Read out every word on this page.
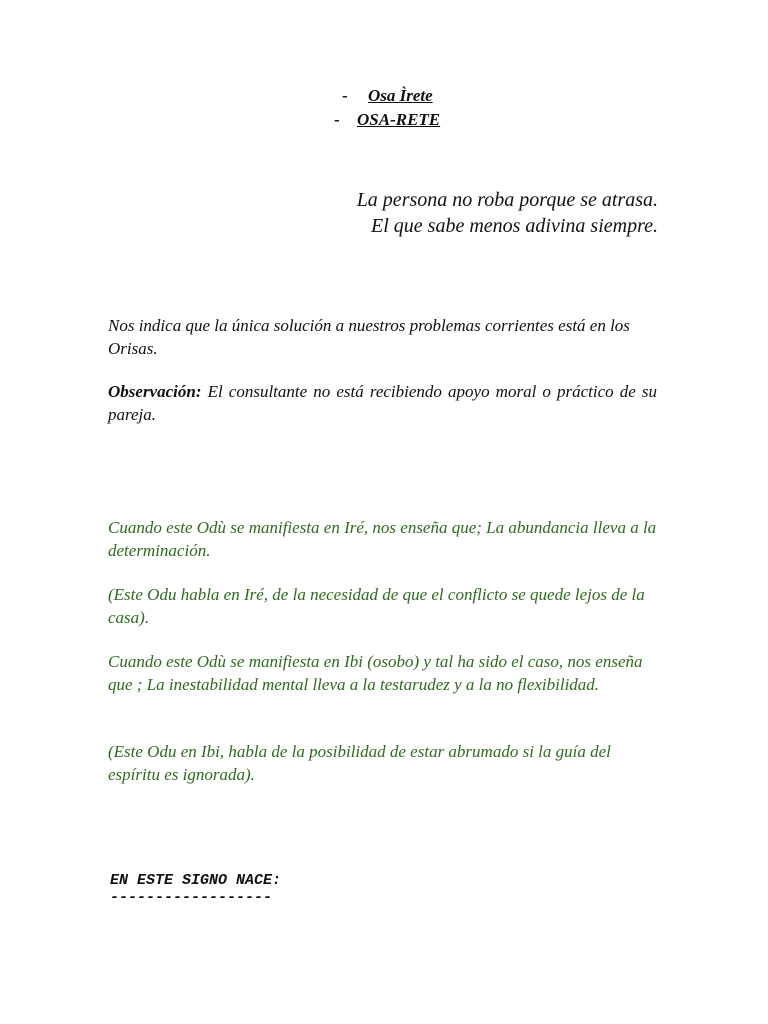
- Osa Ìrete
- OSA-RETE
La persona no roba porque se atrasa.
El que sabe menos adivina siempre.

Nos indica que la única solución a nuestros problemas corrientes está en los Orisas.

Observación: El consultante no está recibiendo apoyo moral o práctico de su pareja.

Cuando este Odù se manifiesta en Iré, nos enseña que; La abundancia lleva a la determinación.

(Este Odu habla en Iré, de la necesidad de que el conflicto se quede lejos de la casa).

Cuando este Odù se manifiesta en Ibi (osobo) y tal ha sido el caso, nos enseña que ; La inestabilidad mental lleva a la testarudez y a la no flexibilidad.

(Este Odu en Ibi, habla de la posibilidad de estar abrumado si la guía del espíritu es ignorada).

EN ESTE SIGNO NACE:
------------------
